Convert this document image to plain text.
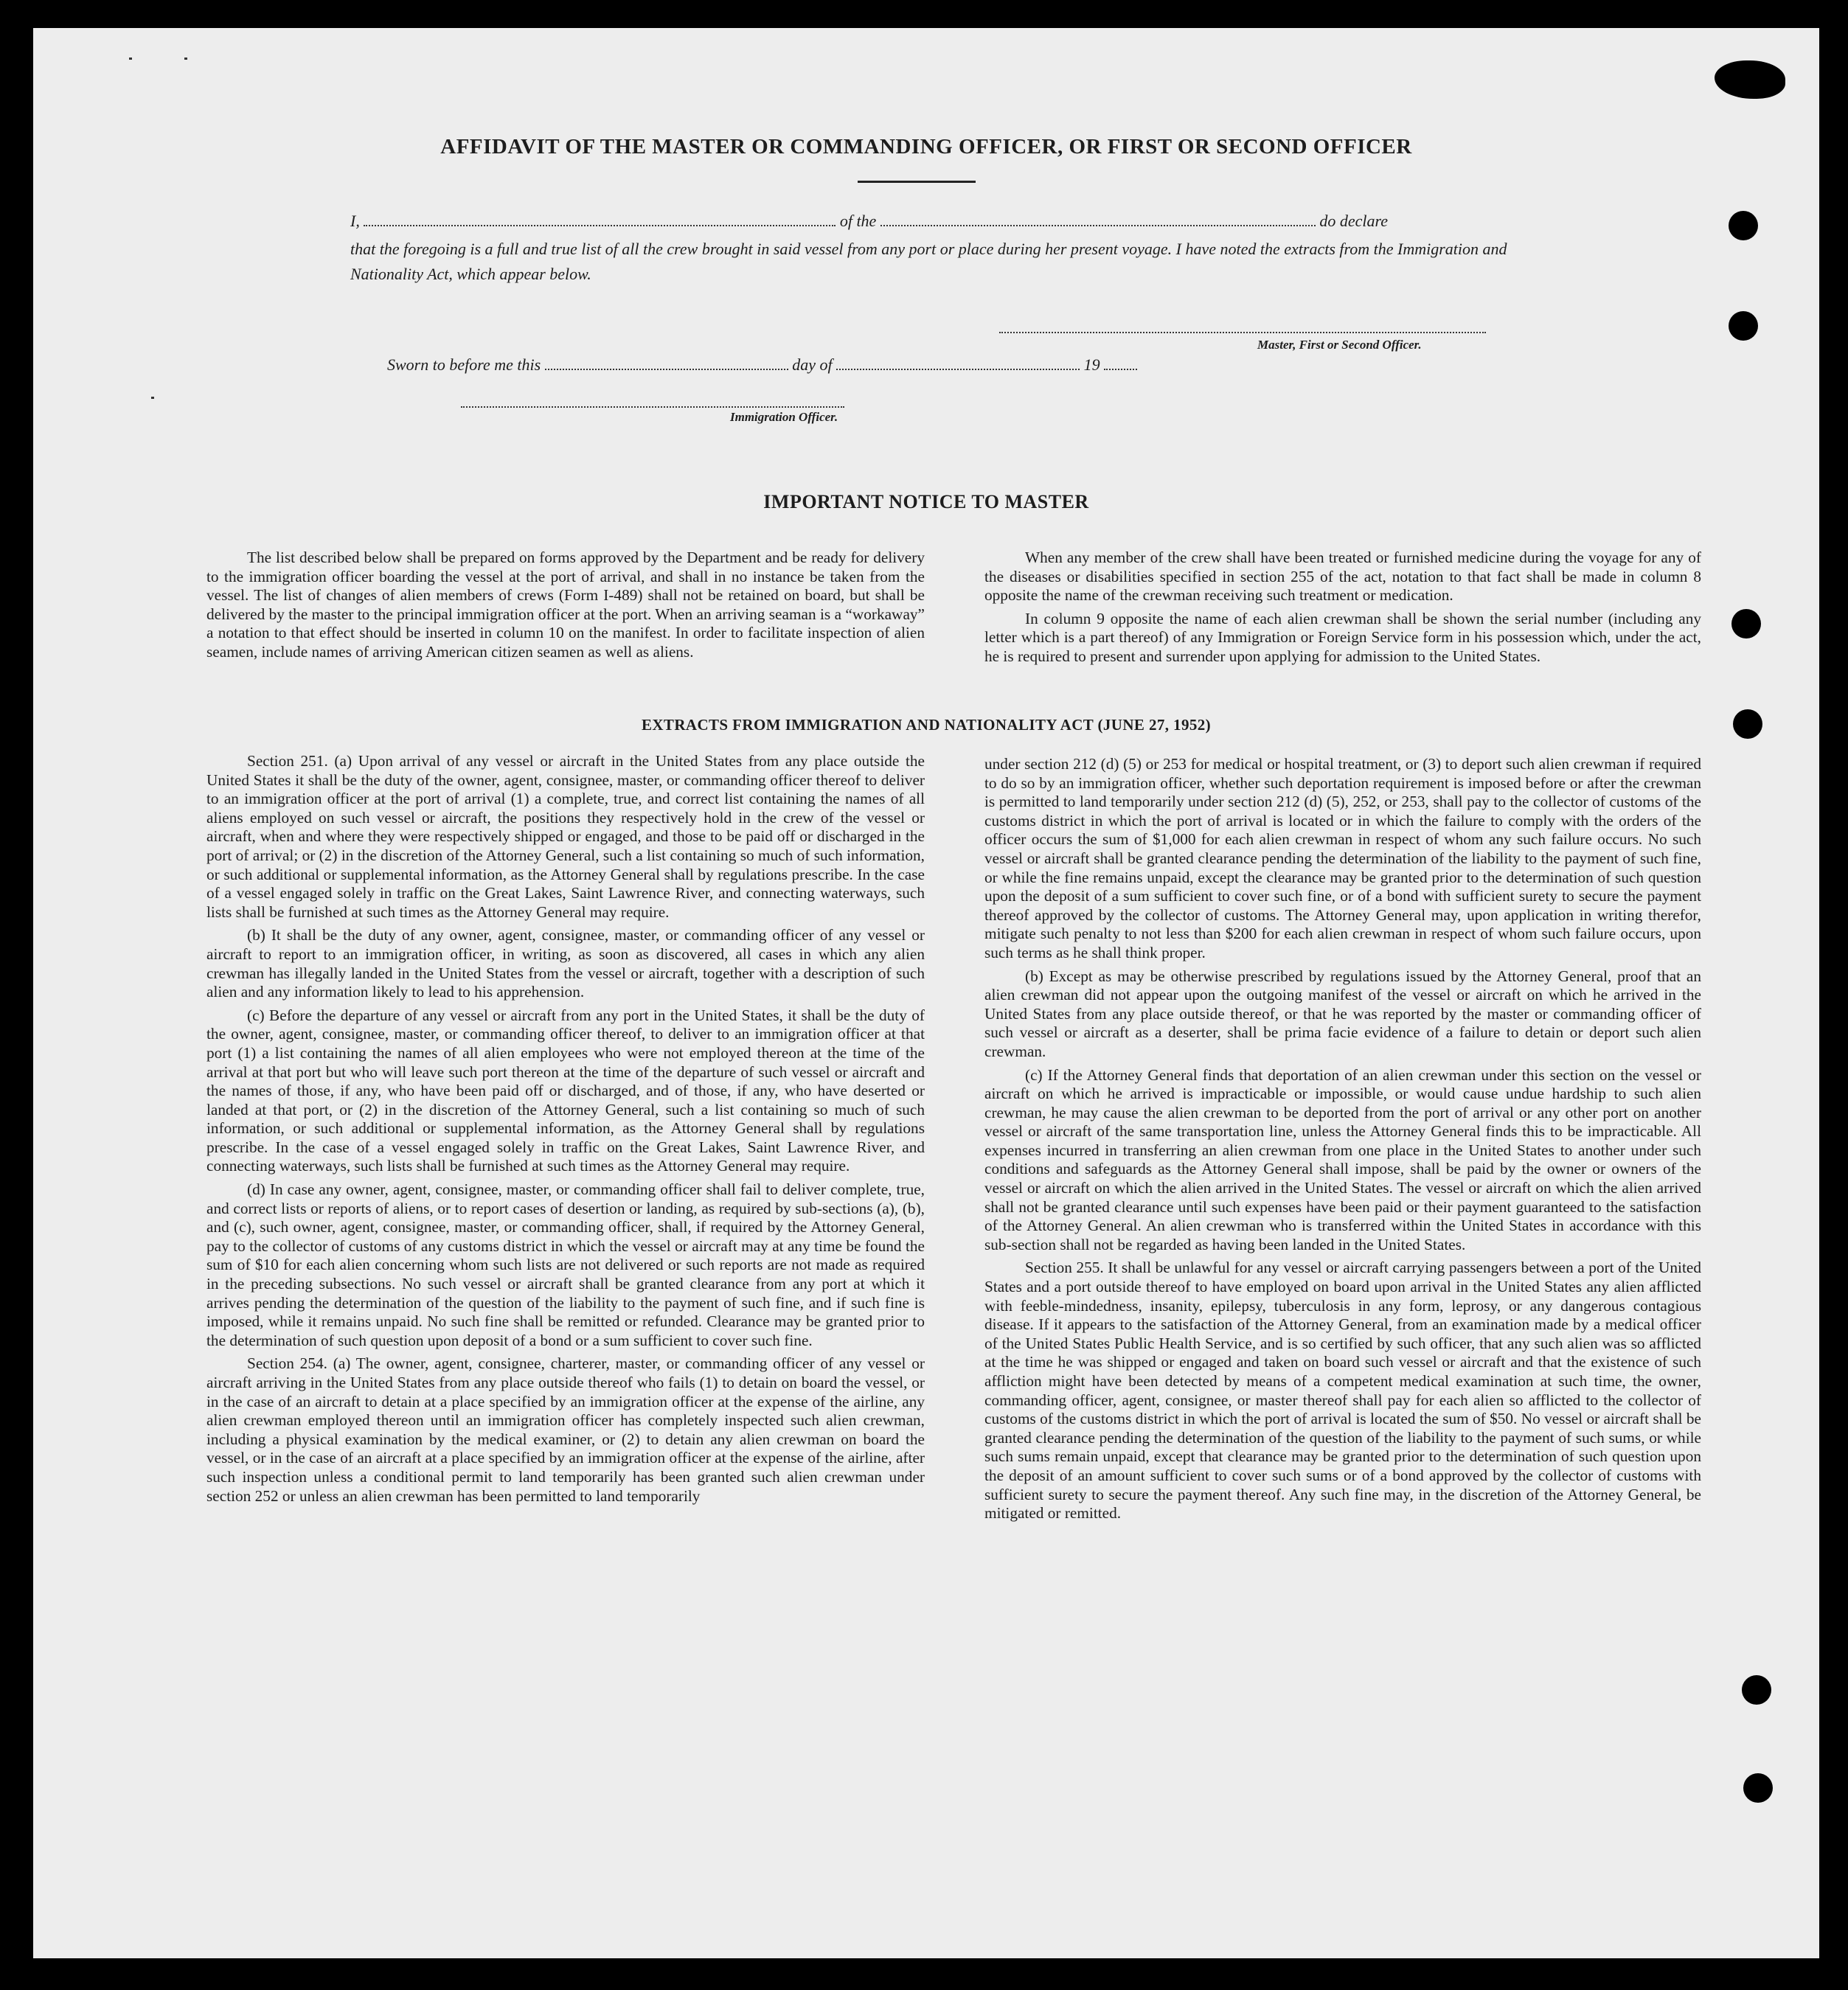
AFFIDAVIT OF THE MASTER OR COMMANDING OFFICER, OR FIRST OR SECOND OFFICER
I,	of the	do declare
that the foregoing is a full and true list of all the crew brought in said vessel from any port or place during her present voyage. I have noted the extracts from the Immigration and Nationality Act, which appear below.
Master, First or Second Officer.
Sworn to before me this	day of	19
Immigration Officer.
IMPORTANT NOTICE TO MASTER

The list described below shall be prepared on forms approved by the Department and be ready for delivery to the immigration officer boarding the vessel at the port of arrival, and shall in no instance be taken from the vessel. The list of changes of alien members of crews (Form I-489) shall not be retained on board, but shall be delivered by the master to the principal immigration officer at the port. When an arriving seaman is a “workaway” a notation to that effect should be inserted in column 10 on the manifest. In order to facilitate inspection of alien seamen, include names of arriving American citizen seamen as well as aliens.

When any member of the crew shall have been treated or furnished medicine during the voyage for any of the diseases or disabilities specified in section 255 of the act, notation to that fact shall be made in column 8 opposite the name of the crewman receiving such treatment or medication.

In column 9 opposite the name of each alien crewman shall be shown the serial number (including any letter which is a part thereof) of any Immigration or Foreign Service form in his possession which, under the act, he is required to present and surrender upon applying for admission to the United States.

EXTRACTS FROM IMMIGRATION AND NATIONALITY ACT (JUNE 27, 1952)

Section 251. (a) Upon arrival of any vessel or aircraft in the United States from any place outside the United States it shall be the duty of the owner, agent, consignee, master, or commanding officer thereof to deliver to an immigration officer at the port of arrival (1) a complete, true, and correct list containing the names of all aliens employed on such vessel or aircraft, the positions they respectively hold in the crew of the vessel or aircraft, when and where they were respectively shipped or engaged, and those to be paid off or discharged in the port of arrival; or (2) in the discretion of the Attorney General, such a list containing so much of such information, or such additional or supplemental information, as the Attorney General shall by regulations prescribe. In the case of a vessel engaged solely in traffic on the Great Lakes, Saint Lawrence River, and connecting waterways, such lists shall be furnished at such times as the Attorney General may require.

(b) It shall be the duty of any owner, agent, consignee, master, or commanding officer of any vessel or aircraft to report to an immigration officer, in writing, as soon as discovered, all cases in which any alien crewman has illegally landed in the United States from the vessel or aircraft, together with a description of such alien and any information likely to lead to his apprehension.

(c) Before the departure of any vessel or aircraft from any port in the United States, it shall be the duty of the owner, agent, consignee, master, or commanding officer thereof, to deliver to an immigration officer at that port (1) a list containing the names of all alien employees who were not employed thereon at the time of the arrival at that port but who will leave such port thereon at the time of the departure of such vessel or aircraft and the names of those, if any, who have been paid off or discharged, and of those, if any, who have deserted or landed at that port, or (2) in the discretion of the Attorney General, such a list containing so much of such information, or such additional or supplemental information, as the Attorney General shall by regulations prescribe. In the case of a vessel engaged solely in traffic on the Great Lakes, Saint Lawrence River, and connecting waterways, such lists shall be furnished at such times as the Attorney General may require.

(d) In case any owner, agent, consignee, master, or commanding officer shall fail to deliver complete, true, and correct lists or reports of aliens, or to report cases of desertion or landing, as required by sub-sections (a), (b), and (c), such owner, agent, consignee, master, or commanding officer, shall, if required by the Attorney General, pay to the collector of customs of any customs district in which the vessel or aircraft may at any time be found the sum of $10 for each alien concerning whom such lists are not delivered or such reports are not made as required in the preceding subsections. No such vessel or aircraft shall be granted clearance from any port at which it arrives pending the determination of the question of the liability to the payment of such fine, and if such fine is imposed, while it remains unpaid. No such fine shall be remitted or refunded. Clearance may be granted prior to the determination of such question upon deposit of a bond or a sum sufficient to cover such fine.

Section 254. (a) The owner, agent, consignee, charterer, master, or commanding officer of any vessel or aircraft arriving in the United States from any place outside thereof who fails (1) to detain on board the vessel, or in the case of an aircraft to detain at a place specified by an immigration officer at the expense of the airline, any alien crewman employed thereon until an immigration officer has completely inspected such alien crewman, including a physical examination by the medical examiner, or (2) to detain any alien crewman on board the vessel, or in the case of an aircraft at a place specified by an immigration officer at the expense of the airline, after such inspection unless a conditional permit to land temporarily has been granted such alien crewman under section 252 or unless an alien crewman has been permitted to land temporarily

under section 212 (d) (5) or 253 for medical or hospital treatment, or (3) to deport such alien crewman if required to do so by an immigration officer, whether such deportation requirement is imposed before or after the crewman is permitted to land temporarily under section 212 (d) (5), 252, or 253, shall pay to the collector of customs of the customs district in which the port of arrival is located or in which the failure to comply with the orders of the officer occurs the sum of $1,000 for each alien crewman in respect of whom any such failure occurs. No such vessel or aircraft shall be granted clearance pending the determination of the liability to the payment of such fine, or while the fine remains unpaid, except the clearance may be granted prior to the determination of such question upon the deposit of a sum sufficient to cover such fine, or of a bond with sufficient surety to secure the payment thereof approved by the collector of customs. The Attorney General may, upon application in writing therefor, mitigate such penalty to not less than $200 for each alien crewman in respect of whom such failure occurs, upon such terms as he shall think proper.

(b) Except as may be otherwise prescribed by regulations issued by the Attorney General, proof that an alien crewman did not appear upon the outgoing manifest of the vessel or aircraft on which he arrived in the United States from any place outside thereof, or that he was reported by the master or commanding officer of such vessel or aircraft as a deserter, shall be prima facie evidence of a failure to detain or deport such alien crewman.

(c) If the Attorney General finds that deportation of an alien crewman under this section on the vessel or aircraft on which he arrived is impracticable or impossible, or would cause undue hardship to such alien crewman, he may cause the alien crewman to be deported from the port of arrival or any other port on another vessel or aircraft of the same transportation line, unless the Attorney General finds this to be impracticable. All expenses incurred in transferring an alien crewman from one place in the United States to another under such conditions and safeguards as the Attorney General shall impose, shall be paid by the owner or owners of the vessel or aircraft on which the alien arrived in the United States. The vessel or aircraft on which the alien arrived shall not be granted clearance until such expenses have been paid or their payment guaranteed to the satisfaction of the Attorney General. An alien crewman who is transferred within the United States in accordance with this sub-section shall not be regarded as having been landed in the United States.

Section 255. It shall be unlawful for any vessel or aircraft carrying passengers between a port of the United States and a port outside thereof to have employed on board upon arrival in the United States any alien afflicted with feeble-mindedness, insanity, epilepsy, tuberculosis in any form, leprosy, or any dangerous contagious disease. If it appears to the satisfaction of the Attorney General, from an examination made by a medical officer of the United States Public Health Service, and is so certified by such officer, that any such alien was so afflicted at the time he was shipped or engaged and taken on board such vessel or aircraft and that the existence of such affliction might have been detected by means of a competent medical examination at such time, the owner, commanding officer, agent, consignee, or master thereof shall pay for each alien so afflicted to the collector of customs of the customs district in which the port of arrival is located the sum of $50. No vessel or aircraft shall be granted clearance pending the determination of the question of the liability to the payment of such sums, or while such sums remain unpaid, except that clearance may be granted prior to the determination of such question upon the deposit of an amount sufficient to cover such sums or of a bond approved by the collector of customs with sufficient surety to secure the payment thereof. Any such fine may, in the discretion of the Attorney General, be mitigated or remitted.
